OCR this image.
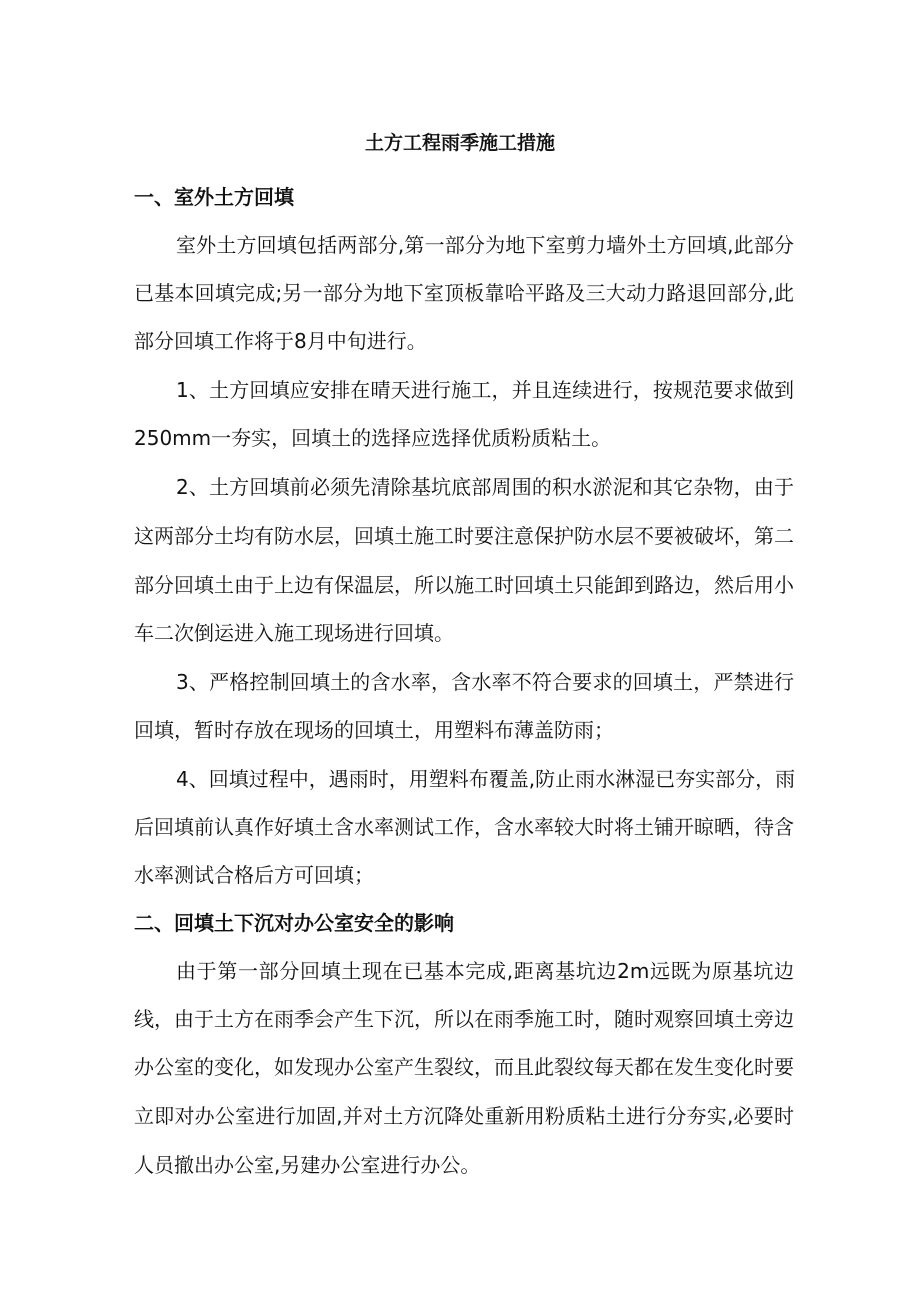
土方工程雨季施工措施
一、室外土方回填

室外土方回填包括两部分,第一部分为地下室剪力墙外土方回填,此部分

已基本回填完成;另一部分为地下室顶板靠哈平路及三大动力路退回部分,此

部分回填工作将于8月中旬进行。

1、土方回填应安排在晴天进行施工，并且连续进行，按规范要求做到

250mm一夯实，回填土的选择应选择优质粉质粘土。

2、土方回填前必须先清除基坑底部周围的积水淤泥和其它杂物，由于

这两部分土均有防水层，回填土施工时要注意保护防水层不要被破坏，第二

部分回填土由于上边有保温层，所以施工时回填土只能卸到路边，然后用小

车二次倒运进入施工现场进行回填。

3、严格控制回填土的含水率，含水率不符合要求的回填土，严禁进行

回填，暂时存放在现场的回填土，用塑料布薄盖防雨；

4、回填过程中，遇雨时，用塑料布覆盖,防止雨水淋湿已夯实部分，雨

后回填前认真作好填土含水率测试工作，含水率较大时将土铺开晾晒，待含

水率测试合格后方可回填；

二、回填土下沉对办公室安全的影响

由于第一部分回填土现在已基本完成,距离基坑边2m远既为原基坑边

线，由于土方在雨季会产生下沉，所以在雨季施工时，随时观察回填土旁边

办公室的变化，如发现办公室产生裂纹，而且此裂纹每天都在发生变化时要

立即对办公室进行加固,并对土方沉降处重新用粉质粘土进行分夯实,必要时

人员撤出办公室,另建办公室进行办公。
